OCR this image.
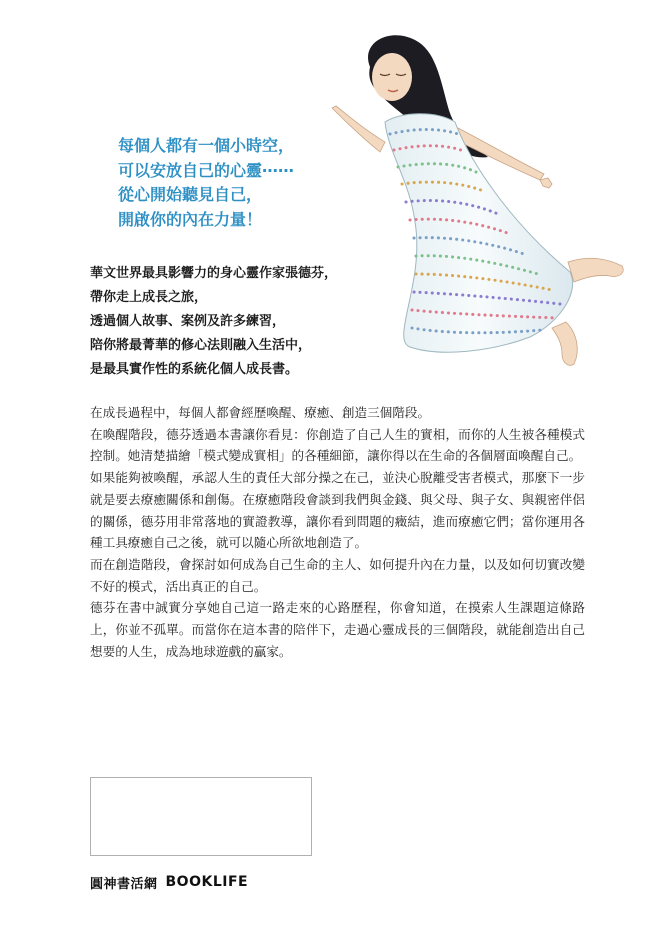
每個人都有一個小時空，
可以安放自己的心靈⋯⋯
從心開始聽見自己，
開啟你的內在力量！
華文世界最具影響力的身心靈作家張德芬，
帶你走上成長之旅，
透過個人故事、案例及許多練習，
陪你將最菁華的修心法則融入生活中，
是最具實作性的系統化個人成長書。

在成長過程中，每個人都會經歷喚醒、療癒、創造三個階段。

在喚醒階段，德芬透過本書讓你看見：你創造了自己人生的實相，而你的人生被各種模式控制。她清楚描繪「模式變成實相」的各種細節，讓你得以在生命的各個層面喚醒自己。

如果能夠被喚醒，承認人生的責任大部分操之在己，並決心脫離受害者模式，那麼下一步就是要去療癒關係和創傷。在療癒階段會談到我們與金錢、與父母、與子女、與親密伴侶的關係，德芬用非常落地的實證教導，讓你看到問題的癥結，進而療癒它們；當你運用各種工具療癒自己之後，就可以隨心所欲地創造了。

而在創造階段，會探討如何成為自己生命的主人、如何提升內在力量，以及如何切實改變不好的模式，活出真正的自己。

德芬在書中誠實分享她自己這一路走來的心路歷程，你會知道，在摸索人生課題這條路上，你並不孤單。而當你在這本書的陪伴下，走過心靈成長的三個階段，就能創造出自己想要的人生，成為地球遊戲的贏家。

圓神書活網 BOOKLIFE
